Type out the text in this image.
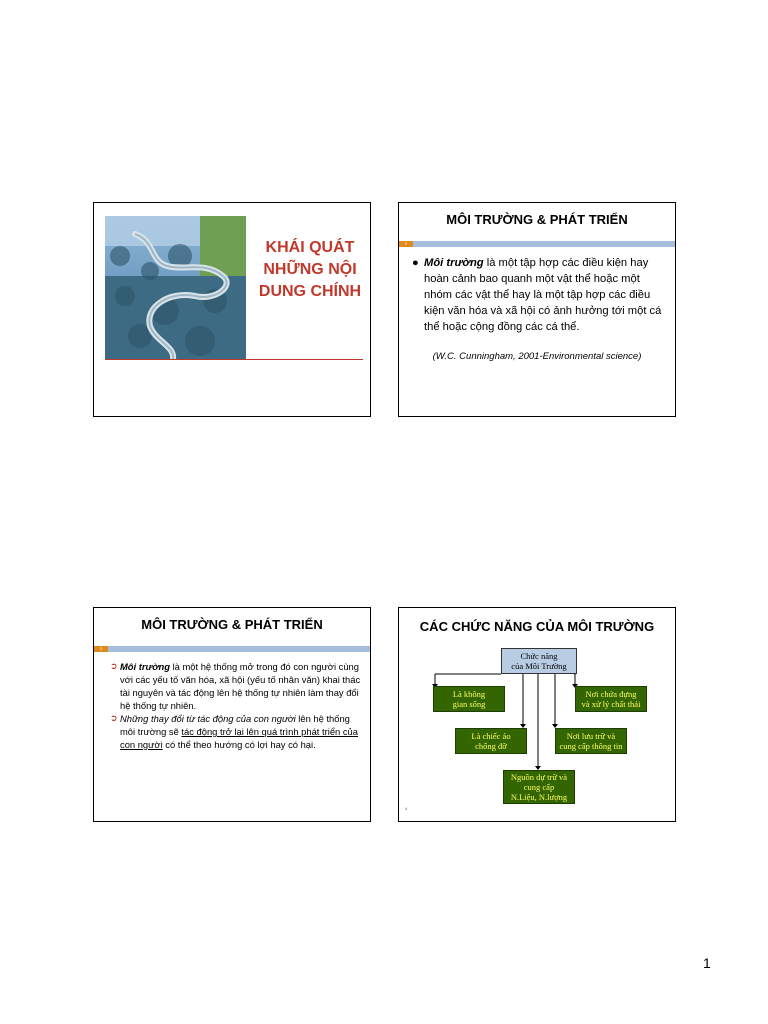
KHÁI QUÁT
NHỮNG NỘI
DUNG CHÍNH
MÔI TRƯỜNG & PHÁT TRIỂN
2
● Môi trường là một tập hợp các điều kiện hay hoàn cảnh bao quanh một vật thể hoặc một nhóm các vật thể hay là một tập hợp các điều kiện văn hóa và xã hội có ảnh hưởng tới một cá thể hoặc cộng đồng các cá thể.
(W.C. Cunningham, 2001-Environmental science)
MÔI TRƯỜNG & PHÁT TRIỂN
3
➲ Môi trường là một hệ thống mở trong đó con người cùng với các yếu tố văn hóa, xã hội (yếu tố nhân văn) khai thác tài nguyên và tác động lên hệ thống tự nhiên làm thay đổi hệ thống tự nhiên.
➲ Những thay đổi từ tác động của con người lên hệ thống môi trường sẽ tác động trở lại lên quá trình phát triển của con người có thể theo hướng có lợi hay có hại.
CÁC CHỨC NĂNG CỦA MÔI TRƯỜNG
Chức năng
của Môi Trường
Là không
gian sống
Nơi chứa đựng
và xử lý chất thải
Là chiếc áo
chống đỡ
Nơi lưu trữ và
cung cấp thông tin
Nguồn dự trữ và
cung cấp
N.Liệu, N.lượng
4
1
